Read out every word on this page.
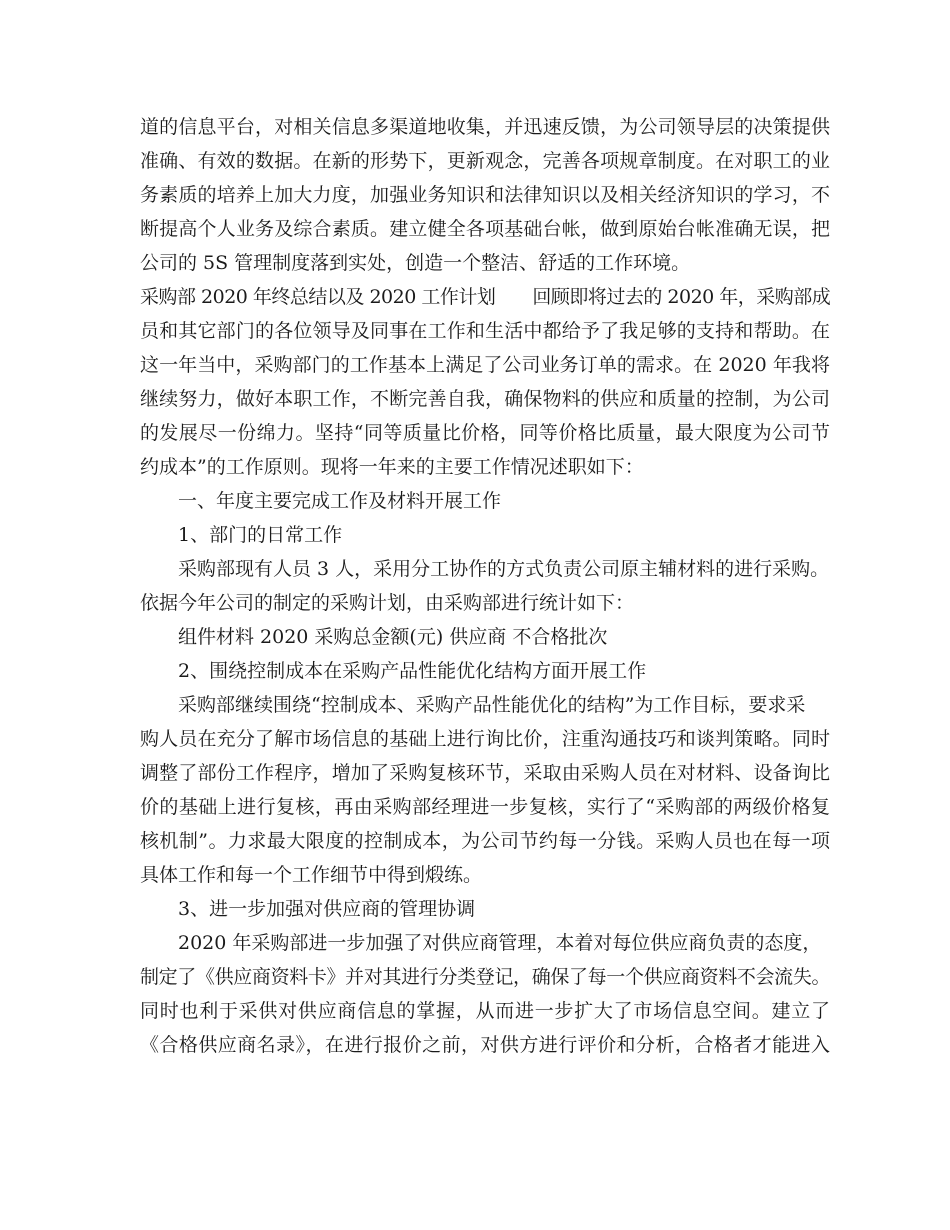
道的信息平台，对相关信息多渠道地收集，并迅速反馈，为公司领导层的决策提供
准确、有效的数据。在新的形势下，更新观念，完善各项规章制度。在对职工的业
务素质的培养上加大力度，加强业务知识和法律知识以及相关经济知识的学习，不
断提高个人业务及综合素质。建立健全各项基础台帐，做到原始台帐准确无误，把
公司的 5S 管理制度落到实处，创造一个整洁、舒适的工作环境。
采购部 2020 年终总结以及 2020 工作计划　　回顾即将过去的 2020 年，采购部成
员和其它部门的各位领导及同事在工作和生活中都给予了我足够的支持和帮助。在
这一年当中，采购部门的工作基本上满足了公司业务订单的需求。在 2020 年我将
继续努力，做好本职工作，不断完善自我，确保物料的供应和质量的控制，为公司
的发展尽一份绵力。坚持“同等质量比价格，同等价格比质量，最大限度为公司节
约成本”的工作原则。现将一年来的主要工作情况述职如下：
一、年度主要完成工作及材料开展工作
1、部门的日常工作
采购部现有人员 3 人，采用分工协作的方式负责公司原主辅材料的进行采购。
依据今年公司的制定的采购计划，由采购部进行统计如下：
组件材料 2020 采购总金额(元) 供应商 不合格批次
2、围绕控制成本在采购产品性能优化结构方面开展工作
采购部继续围绕“控制成本、采购产品性能优化的结构”为工作目标，要求采
购人员在充分了解市场信息的基础上进行询比价，注重沟通技巧和谈判策略。同时
调整了部份工作程序，增加了采购复核环节，采取由采购人员在对材料、设备询比
价的基础上进行复核，再由采购部经理进一步复核，实行了“采购部的两级价格复
核机制”。力求最大限度的控制成本，为公司节约每一分钱。采购人员也在每一项
具体工作和每一个工作细节中得到煅练。
3、进一步加强对供应商的管理协调
2020 年采购部进一步加强了对供应商管理，本着对每位供应商负责的态度，
制定了《供应商资料卡》并对其进行分类登记，确保了每一个供应商资料不会流失。
同时也利于采供对供应商信息的掌握，从而进一步扩大了市场信息空间。建立了
《合格供应商名录》，在进行报价之前，对供方进行评价和分析，合格者才能进入
